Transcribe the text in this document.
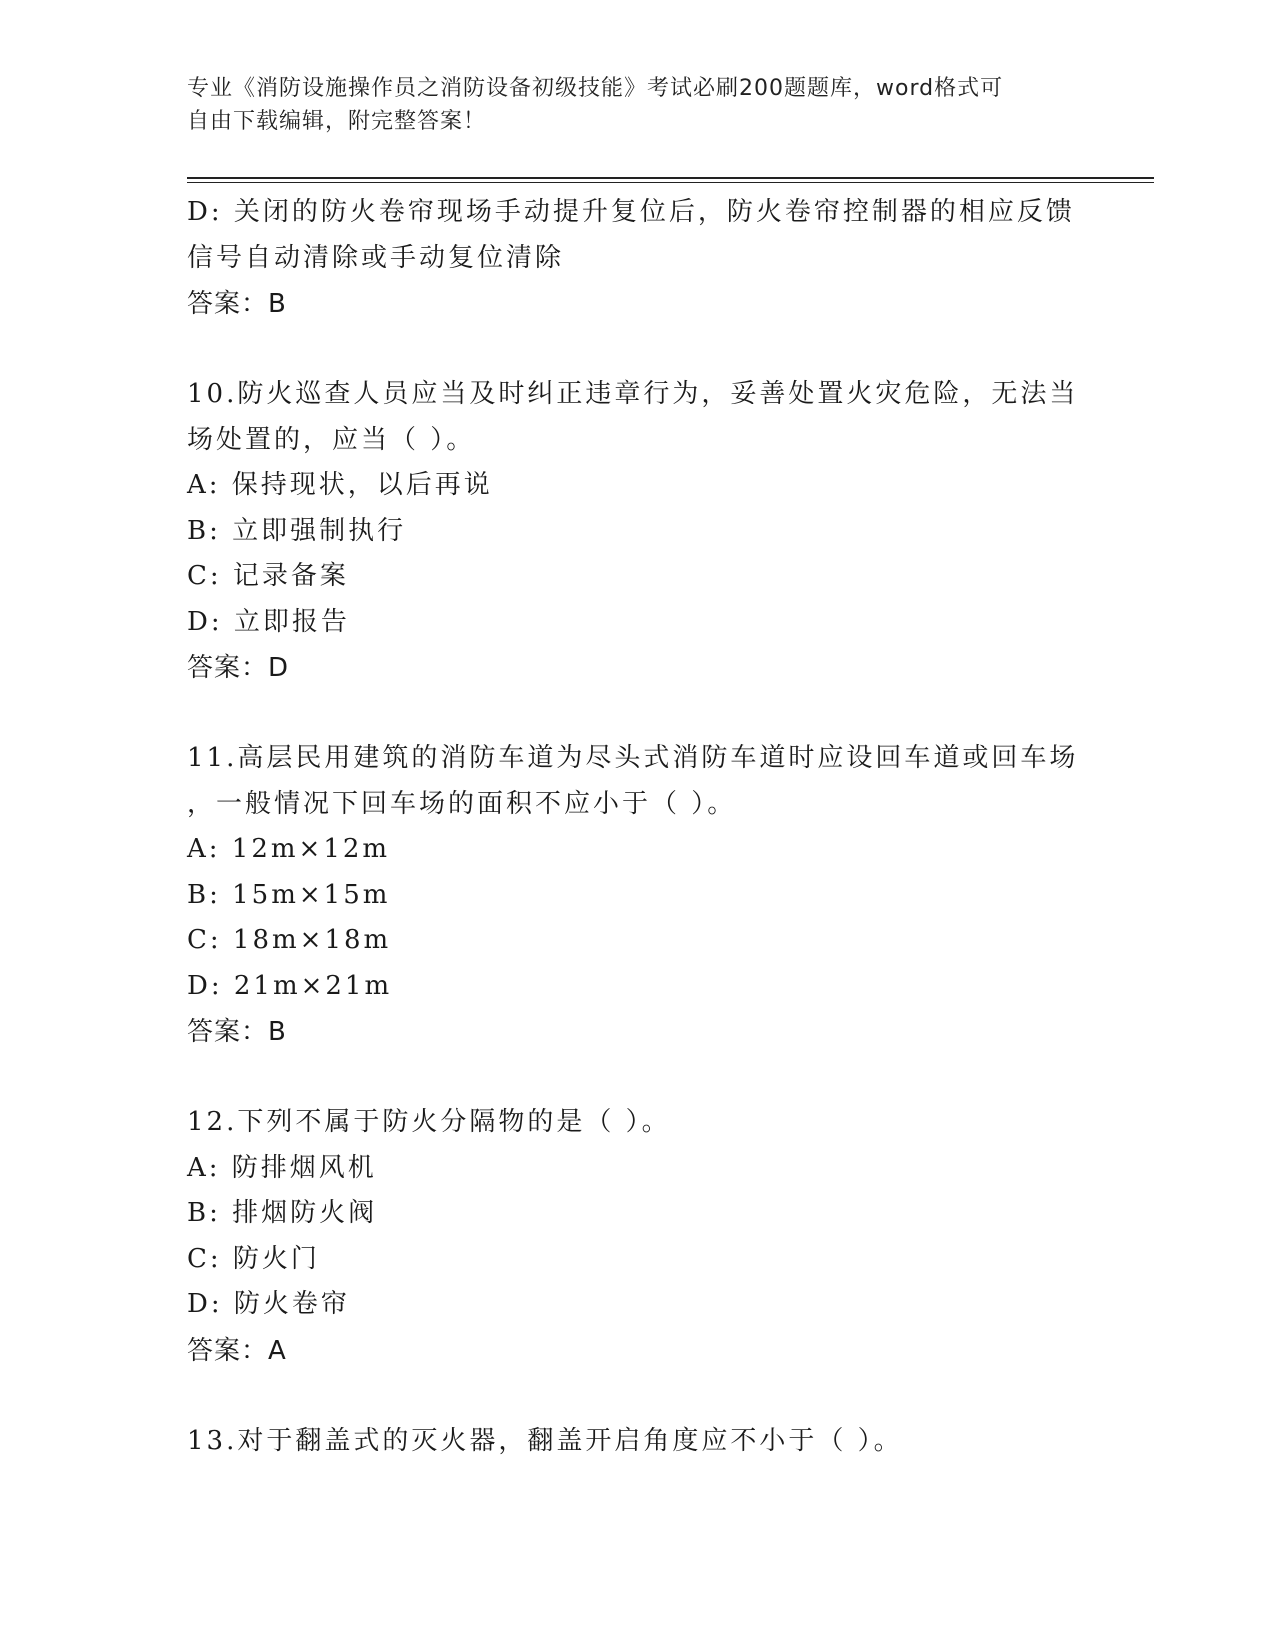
专业《消防设施操作员之消防设备初级技能》考试必刷200题题库，word格式可
自由下载编辑，附完整答案！
D: 关闭的防火卷帘现场手动提升复位后，防火卷帘控制器的相应反馈
信号自动清除或手动复位清除
答案：B
10.防火巡查人员应当及时纠正违章行为，妥善处置火灾危险，无法当
场处置的，应当（ ）。
A: 保持现状，以后再说
B: 立即强制执行
C: 记录备案
D: 立即报告
答案：D
11.高层民用建筑的消防车道为尽头式消防车道时应设回车道或回车场
，一般情况下回车场的面积不应小于（ ）。
A: 12m×12m
B: 15m×15m
C: 18m×18m
D: 21m×21m
答案：B
12.下列不属于防火分隔物的是（ ）。
A: 防排烟风机
B: 排烟防火阀
C: 防火门
D: 防火卷帘
答案：A
13.对于翻盖式的灭火器，翻盖开启角度应不小于（ ）。
